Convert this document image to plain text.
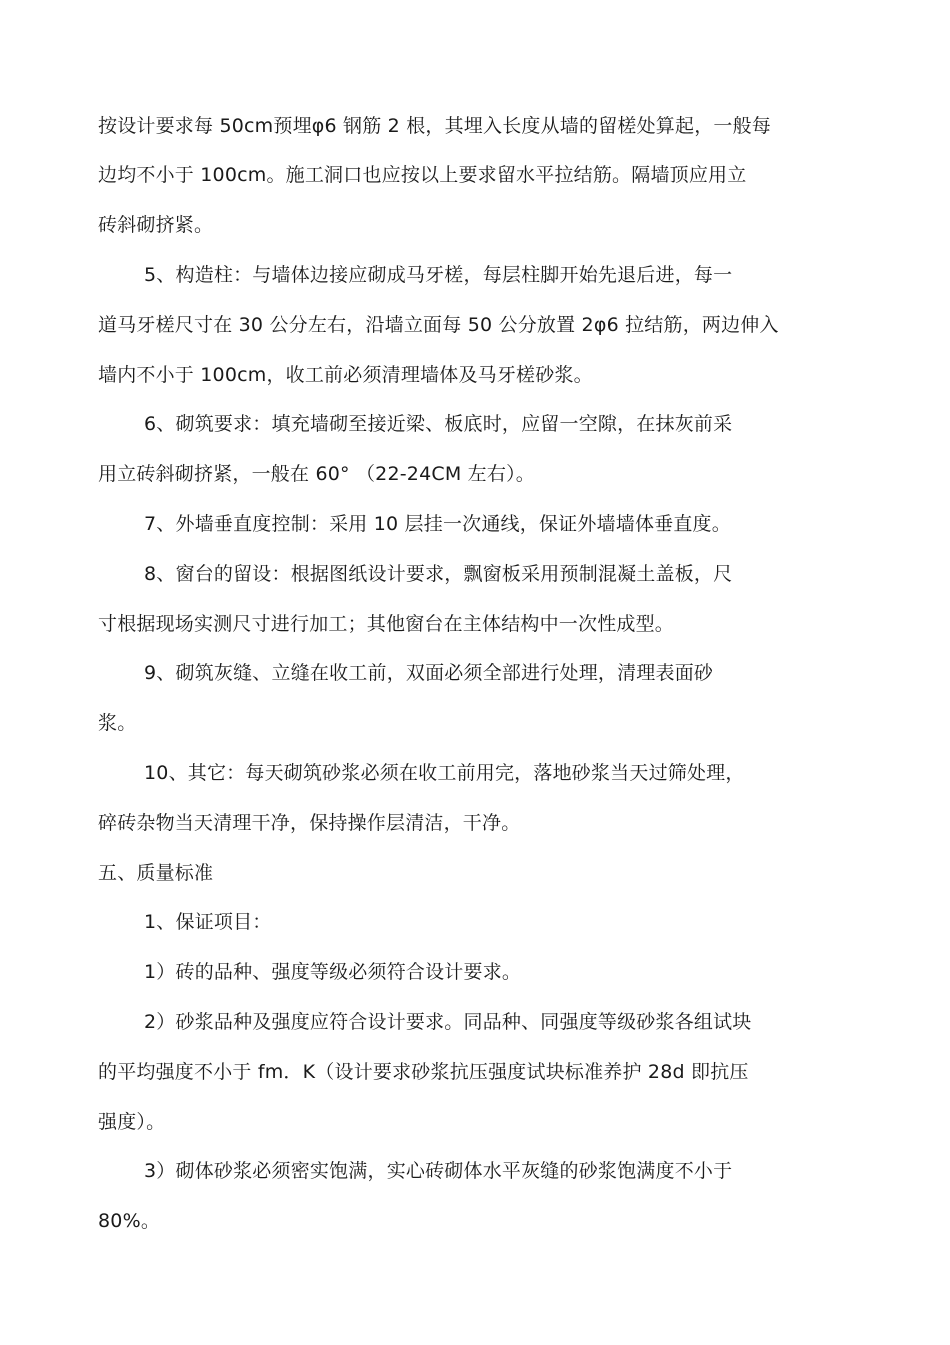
按设计要求每 50cm预埋φ6 钢筋 2 根，其埋入长度从墙的留槎处算起，一般每
边均不小于 100cm。施工洞口也应按以上要求留水平拉结筋。隔墙顶应用立
砖斜砌挤紧。
5、构造柱：与墙体边接应砌成马牙槎，每层柱脚开始先退后进，每一
道马牙槎尺寸在 30 公分左右，沿墙立面每 50 公分放置 2φ6 拉结筋，两边伸入
墙内不小于 100cm，收工前必须清理墙体及马牙槎砂浆。
6、砌筑要求：填充墙砌至接近梁、板底时，应留一空隙，在抹灰前采
用立砖斜砌挤紧，一般在 60° （22-24CM 左右）。
7、外墙垂直度控制：采用 10 层挂一次通线，保证外墙墙体垂直度。
8、窗台的留设：根据图纸设计要求，飘窗板采用预制混凝土盖板，尺
寸根据现场实测尺寸进行加工；其他窗台在主体结构中一次性成型。
9、砌筑灰缝、立缝在收工前，双面必须全部进行处理，清理表面砂
浆。
10、其它：每天砌筑砂浆必须在收工前用完，落地砂浆当天过筛处理，
碎砖杂物当天清理干净，保持操作层清洁，干净。
五、质量标准
1、保证项目：
1）砖的品种、强度等级必须符合设计要求。
2）砂浆品种及强度应符合设计要求。同品种、同强度等级砂浆各组试块
的平均强度不小于 fm．K（设计要求砂浆抗压强度试块标准养护 28d 即抗压
强度）。
3）砌体砂浆必须密实饱满，实心砖砌体水平灰缝的砂浆饱满度不小于
80%。
